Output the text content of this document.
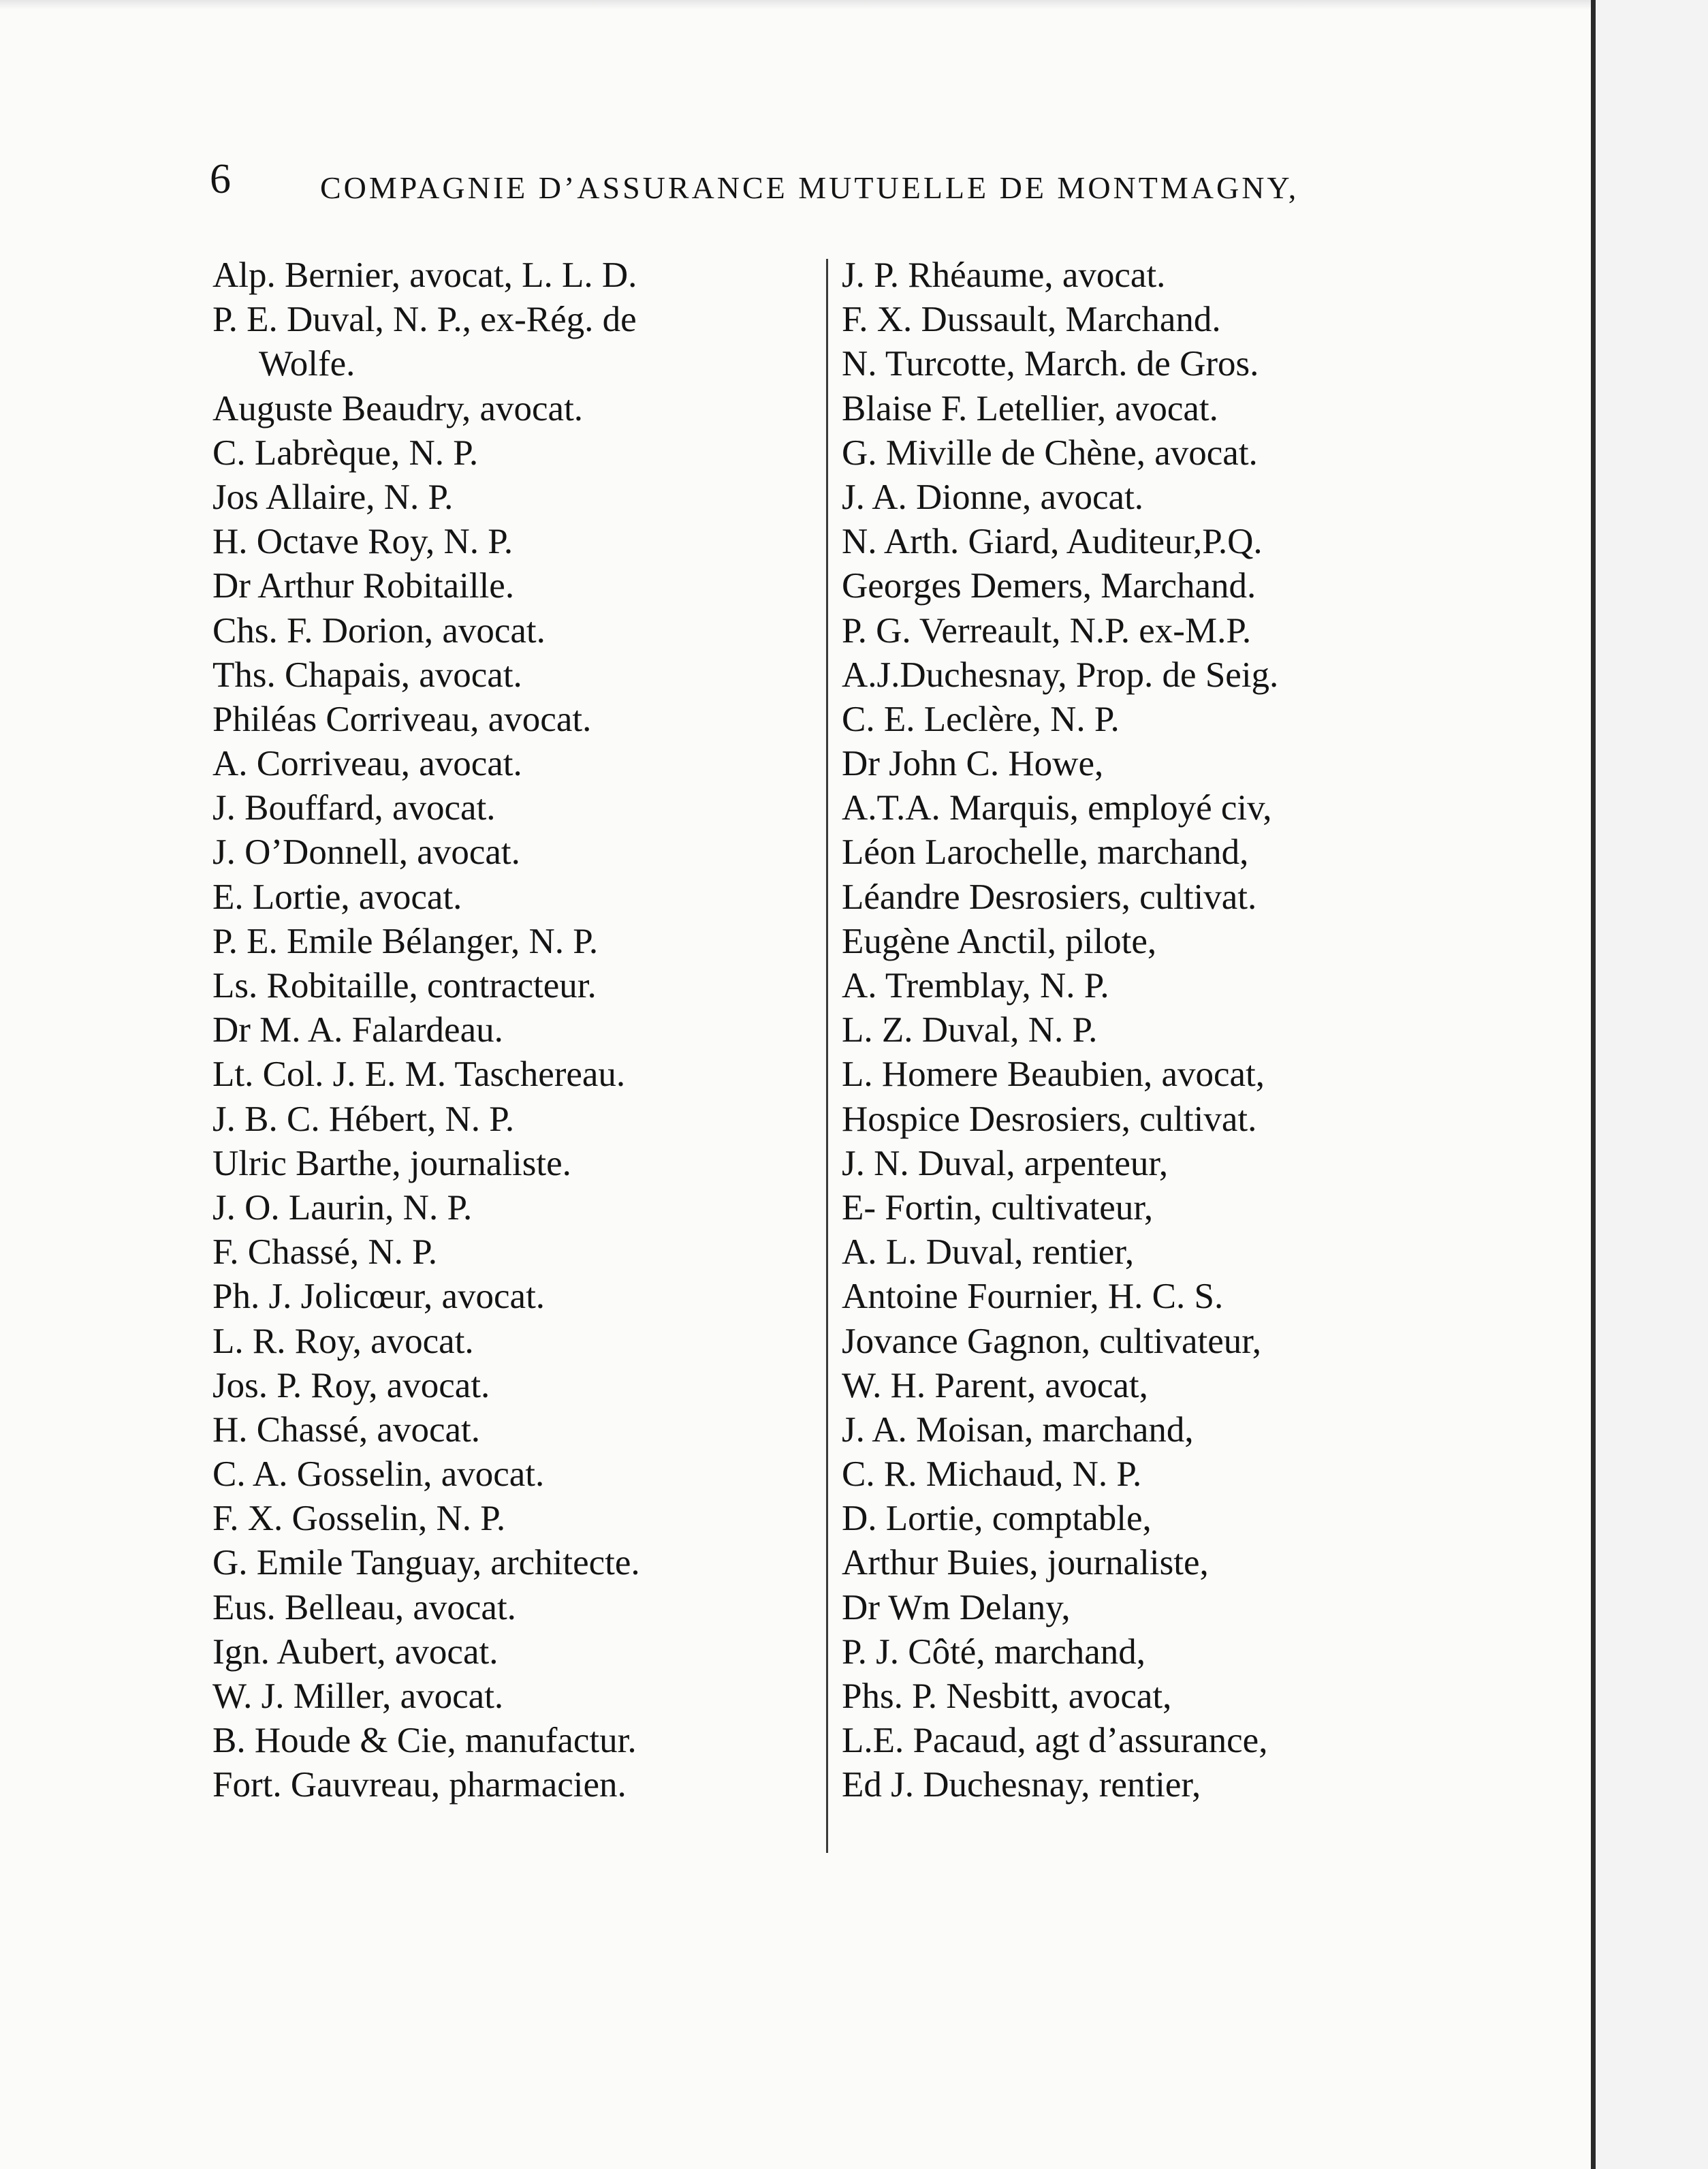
6	COMPAGNIE D’ASSURANCE MUTUELLE DE MONTMAGNY,
Alp. Bernier, avocat, L. L. D.
P. E. Duval, N. P., ex-Rég. de
Wolfe.
Auguste Beaudry, avocat.
C. Labrèque, N. P.
Jos Allaire, N. P.
H. Octave Roy, N. P.
Dr Arthur Robitaille.
Chs. F. Dorion, avocat.
Ths. Chapais, avocat.
Philéas Corriveau, avocat.
A. Corriveau, avocat.
J. Bouffard, avocat.
J. O’Donnell, avocat.
E. Lortie, avocat.
P. E. Emile Bélanger, N. P.
Ls. Robitaille, contracteur.
Dr M. A. Falardeau.
Lt. Col. J. E. M. Taschereau.
J. B. C. Hébert, N. P.
Ulric Barthe, journaliste.
J. O. Laurin, N. P.
F. Chassé, N. P.
Ph. J. Jolicœur, avocat.
L. R. Roy, avocat.
Jos. P. Roy, avocat.
H. Chassé, avocat.
C. A. Gosselin, avocat.
F. X. Gosselin, N. P.
G. Emile Tanguay, architecte.
Eus. Belleau, avocat.
Ign. Aubert, avocat.
W. J. Miller, avocat.
B. Houde & Cie, manufactur.
Fort. Gauvreau, pharmacien.
J. P. Rhéaume, avocat.
F. X. Dussault, Marchand.
N. Turcotte, March. de Gros.
Blaise F. Letellier, avocat.
G. Miville de Chène, avocat.
J. A. Dionne, avocat.
N. Arth. Giard, Auditeur,P.Q.
Georges Demers, Marchand.
P. G. Verreault, N.P. ex-M.P.
A.J.Duchesnay, Prop. de Seig.
C. E. Leclère, N. P.
Dr John C. Howe,
A.T.A. Marquis, employé civ,
Léon Larochelle, marchand,
Léandre Desrosiers, cultivat.
Eugène Anctil, pilote,
A. Tremblay, N. P.
L. Z. Duval, N. P.
L. Homere Beaubien, avocat,
Hospice Desrosiers, cultivat.
J. N. Duval, arpenteur,
E- Fortin, cultivateur,
A. L. Duval, rentier,
Antoine Fournier, H. C. S.
Jovance Gagnon, cultivateur,
W. H. Parent, avocat,
J. A. Moisan, marchand,
C. R. Michaud, N. P.
D. Lortie, comptable,
Arthur Buies, journaliste,
Dr Wm Delany,
P. J. Côté, marchand,
Phs. P. Nesbitt, avocat,
L.E. Pacaud, agt d’assurance,
Ed J. Duchesnay, rentier,
